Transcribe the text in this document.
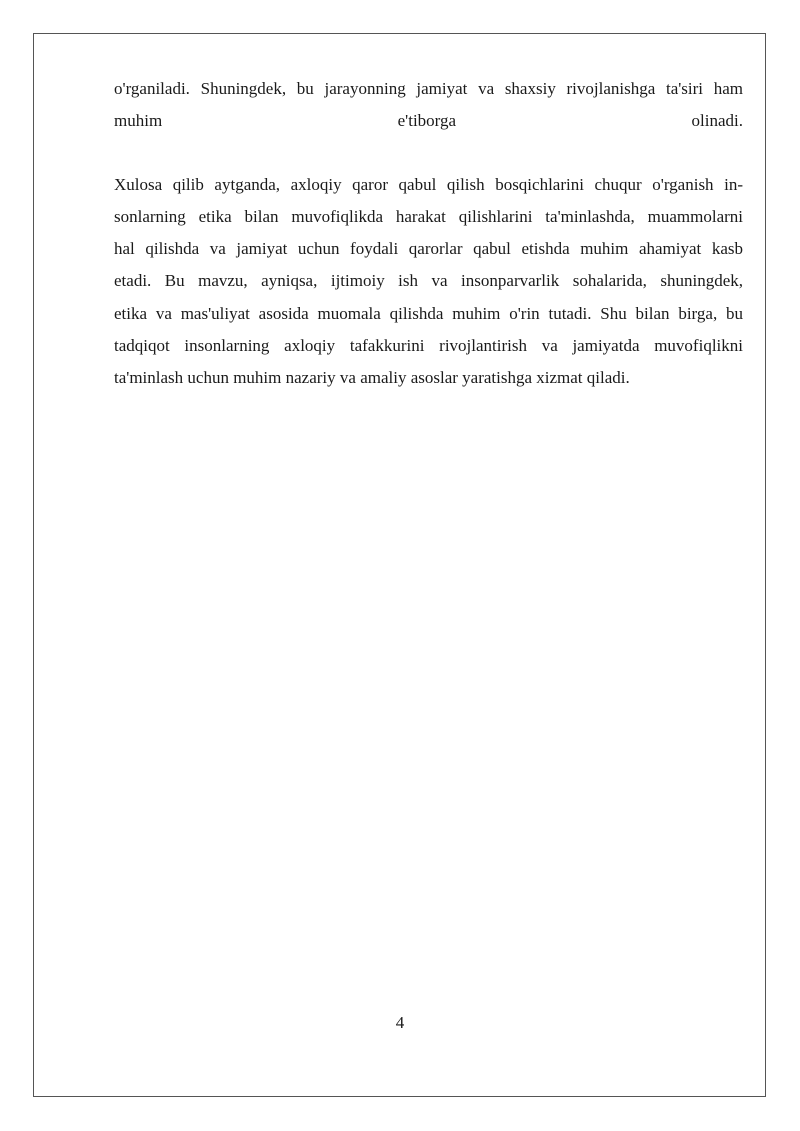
o'rganiladi. Shuningdek, bu jarayonning jamiyat va shaxsiy rivojlanishga ta'siri ham

muhim e'tiborga olinadi.

Xulosa qilib aytganda, axloqiy qaror qabul qilish bosqichlarini chuqur o'rganish in-

sonlarning etika bilan muvofiqlikda harakat qilishlarini ta'minlashda, muammolarni

hal qilishda va jamiyat uchun foydali qarorlar qabul etishda muhim ahamiyat kasb

etadi. Bu mavzu, ayniqsa, ijtimoiy ish va insonparvarlik sohalarida, shuningdek,

etika va mas'uliyat asosida muomala qilishda muhim o'rin tutadi. Shu bilan birga, bu

tadqiqot insonlarning axloqiy tafakkurini rivojlantirish va jamiyatda muvofiqlikni

ta'minlash uchun muhim nazariy va amaliy asoslar yaratishga xizmat qiladi.

4
